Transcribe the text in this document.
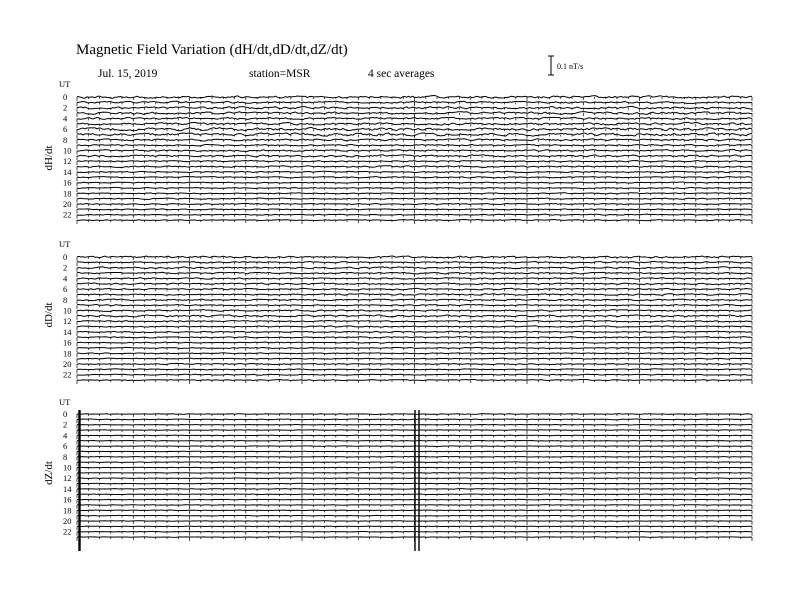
Magnetic Field Variation (dH/dt,dD/dt,dZ/dt)
Jul. 15, 2019	station=MSR	4 sec averages
0.1 nT/s
UT
dH/dt
0
2
4
6
8
10
12
14
16
18
20
22
UT
dD/dt
0
2
4
6
8
10
12
14
16
18
20
22
UT
dZ/dt
0
2
4
6
8
10
12
14
16
18
20
22
